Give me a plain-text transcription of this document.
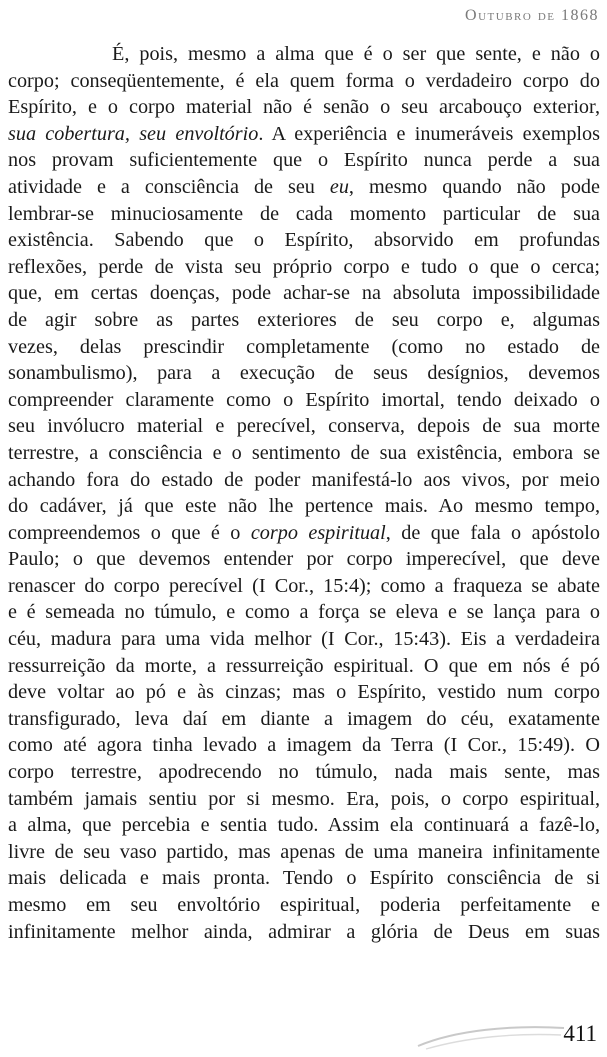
Outubro de 1868
É, pois, mesmo a alma que é o ser que sente, e não o
corpo; conseqüentemente, é ela quem forma o verdadeiro corpo do
Espírito, e o corpo material não é senão o seu arcabouço exterior,
sua cobertura, seu envoltório. A experiência e inumeráveis exemplos
nos provam suficientemente que o Espírito nunca perde a sua
atividade e a consciência de seu eu, mesmo quando não pode
lembrar-se minuciosamente de cada momento particular de sua
existência. Sabendo que o Espírito, absorvido em profundas
reflexões, perde de vista seu próprio corpo e tudo o que o cerca;
que, em certas doenças, pode achar-se na absoluta impossibilidade
de agir sobre as partes exteriores de seu corpo e, algumas
vezes, delas prescindir completamente (como no estado de
sonambulismo), para a execução de seus desígnios, devemos
compreender claramente como o Espírito imortal, tendo deixado o
seu invólucro material e perecível, conserva, depois de sua morte
terrestre, a consciência e o sentimento de sua existência, embora se
achando fora do estado de poder manifestá-lo aos vivos, por meio
do cadáver, já que este não lhe pertence mais. Ao mesmo tempo,
compreendemos o que é o corpo espiritual, de que fala o apóstolo
Paulo; o que devemos entender por corpo imperecível, que deve
renascer do corpo perecível (I Cor., 15:4); como a fraqueza se abate
e é semeada no túmulo, e como a força se eleva e se lança para o
céu, madura para uma vida melhor (I Cor., 15:43). Eis a verdadeira
ressurreição da morte, a ressurreição espiritual. O que em nós é pó
deve voltar ao pó e às cinzas; mas o Espírito, vestido num corpo
transfigurado, leva daí em diante a imagem do céu, exatamente
como até agora tinha levado a imagem da Terra (I Cor., 15:49). O
corpo terrestre, apodrecendo no túmulo, nada mais sente, mas
também jamais sentiu por si mesmo. Era, pois, o corpo espiritual,
a alma, que percebia e sentia tudo. Assim ela continuará a fazê-lo,
livre de seu vaso partido, mas apenas de uma maneira infinitamente
mais delicada e mais pronta. Tendo o Espírito consciência de si
mesmo em seu envoltório espiritual, poderia perfeitamente e
infinitamente melhor ainda, admirar a glória de Deus em suas
411
